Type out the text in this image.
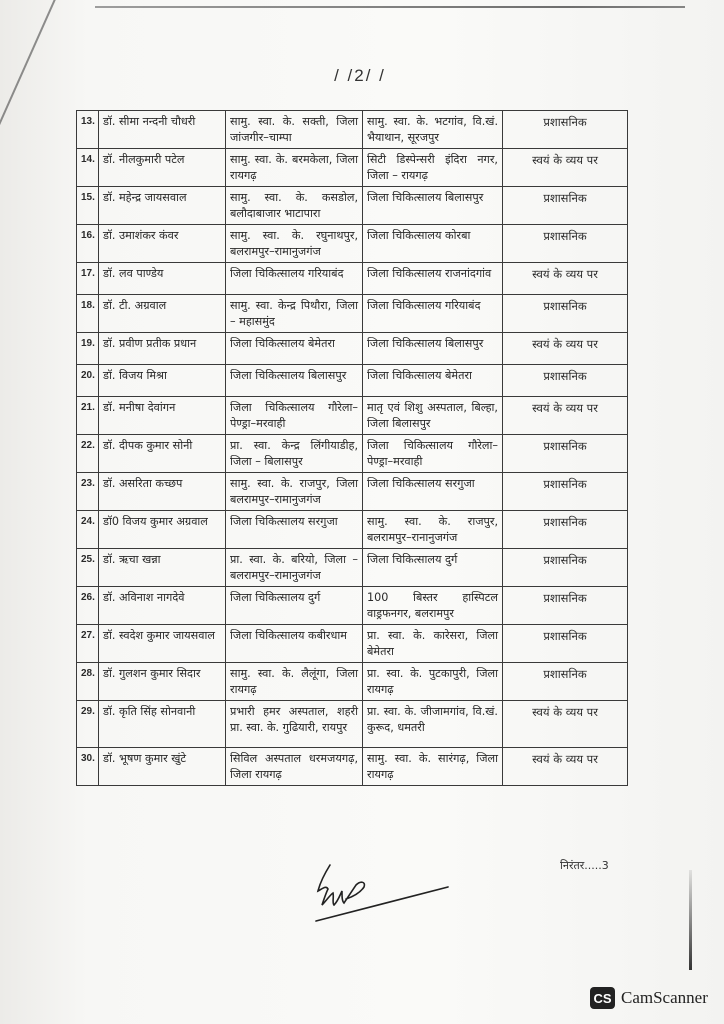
/ /2/ /
13.	डॉ. सीमा नन्दनी चौधरी	सामु. स्वा. के. सक्ती, जिला जांजगीर–चाम्पा	सामु. स्वा. के. भटगांव, वि.खं. भैयाथान, सूरजपुर	प्रशासनिक
14.	डॉ. नीलकुमारी पटेल	सामु. स्वा. के. बरमकेला, जिला रायगढ़	सिटी डिस्पेन्सरी इंदिरा नगर, जिला – रायगढ़	स्वयं के व्यय पर
15.	डॉ. महेन्द्र जायसवाल	सामु. स्वा. के. कसडोल, बलौदाबाजार भाटापारा	जिला चिकित्सालय बिलासपुर	प्रशासनिक
16.	डॉ. उमाशंकर कंवर	सामु. स्वा. के. रघुनाथपुर, बलरामपुर–रामानुजगंज	जिला चिकित्सालय कोरबा	प्रशासनिक
17.	डॉ. लव पाण्डेय	जिला चिकित्सालय गरियाबंद	जिला चिकित्सालय राजनांदगांव	स्वयं के व्यय पर
18.	डॉ. टी. अग्रवाल	सामु. स्वा. केन्द्र पिथौरा, जिला – महासमुंद	जिला चिकित्सालय गरियाबंद	प्रशासनिक
19.	डॉ. प्रवीण प्रतीक प्रधान	जिला चिकित्सालय बेमेतरा	जिला चिकित्सालय बिलासपुर	स्वयं के व्यय पर
20.	डॉ. विजय मिश्रा	जिला चिकित्सालय बिलासपुर	जिला चिकित्सालय बेमेतरा	प्रशासनिक
21.	डॉ. मनीषा देवांगन	जिला चिकित्सालय गौरेला–पेण्ड्रा–मरवाही	मातृ एवं शिशु अस्पताल, बिल्हा, जिला बिलासपुर	स्वयं के व्यय पर
22.	डॉ. दीपक कुमार सोनी	प्रा. स्वा. केन्द्र लिंगीयाडीह, जिला – बिलासपुर	जिला चिकित्सालय गौरेला–पेण्ड्रा–मरवाही	प्रशासनिक
23.	डॉ. असरिता कच्छप	सामु. स्वा. के. राजपुर, जिला बलरामपुर–रामानुजगंज	जिला चिकित्सालय सरगुजा	प्रशासनिक
24.	डॉ0 विजय कुमार अग्रवाल	जिला चिकित्सालय सरगुजा	सामु. स्वा. के. राजपुर, बलरामपुर–रानानुजगंज	प्रशासनिक
25.	डॉ. ऋचा खन्ना	प्रा. स्वा. के. बरियो, जिला – बलरामपुर–रामानुजगंज	जिला चिकित्सालय दुर्ग	प्रशासनिक
26.	डॉ. अविनाश नागदेवे	जिला चिकित्सालय दुर्ग	100 बिस्तर हास्पिटल वाड्रफनगर, बलरामपुर	प्रशासनिक
27.	डॉ. स्वदेश कुमार जायसवाल	जिला चिकित्सालय कबीरधाम	प्रा. स्वा. के. कारेसरा, जिला बेमेतरा	प्रशासनिक
28.	डॉ. गुलशन कुमार सिदार	सामु. स्वा. के. लैलूंगा, जिला रायगढ़	प्रा. स्वा. के. पुटकापुरी, जिला रायगढ़	प्रशासनिक
29.	डॉ. कृति सिंह सोनवानी	प्रभारी हमर अस्पताल, शहरी प्रा. स्वा. के. गुढियारी, रायपुर	प्रा. स्वा. के. जीजामगांव, वि.खं. कुरूद, धमतरी	स्वयं के व्यय पर
30.	डॉ. भूषण कुमार खुंटे	सिविल अस्पताल धरमजयगढ़, जिला रायगढ़	सामु. स्वा. के. सारंगढ़, जिला रायगढ़	स्वयं के व्यय पर
निरंतर.....3
CS CamScanner
